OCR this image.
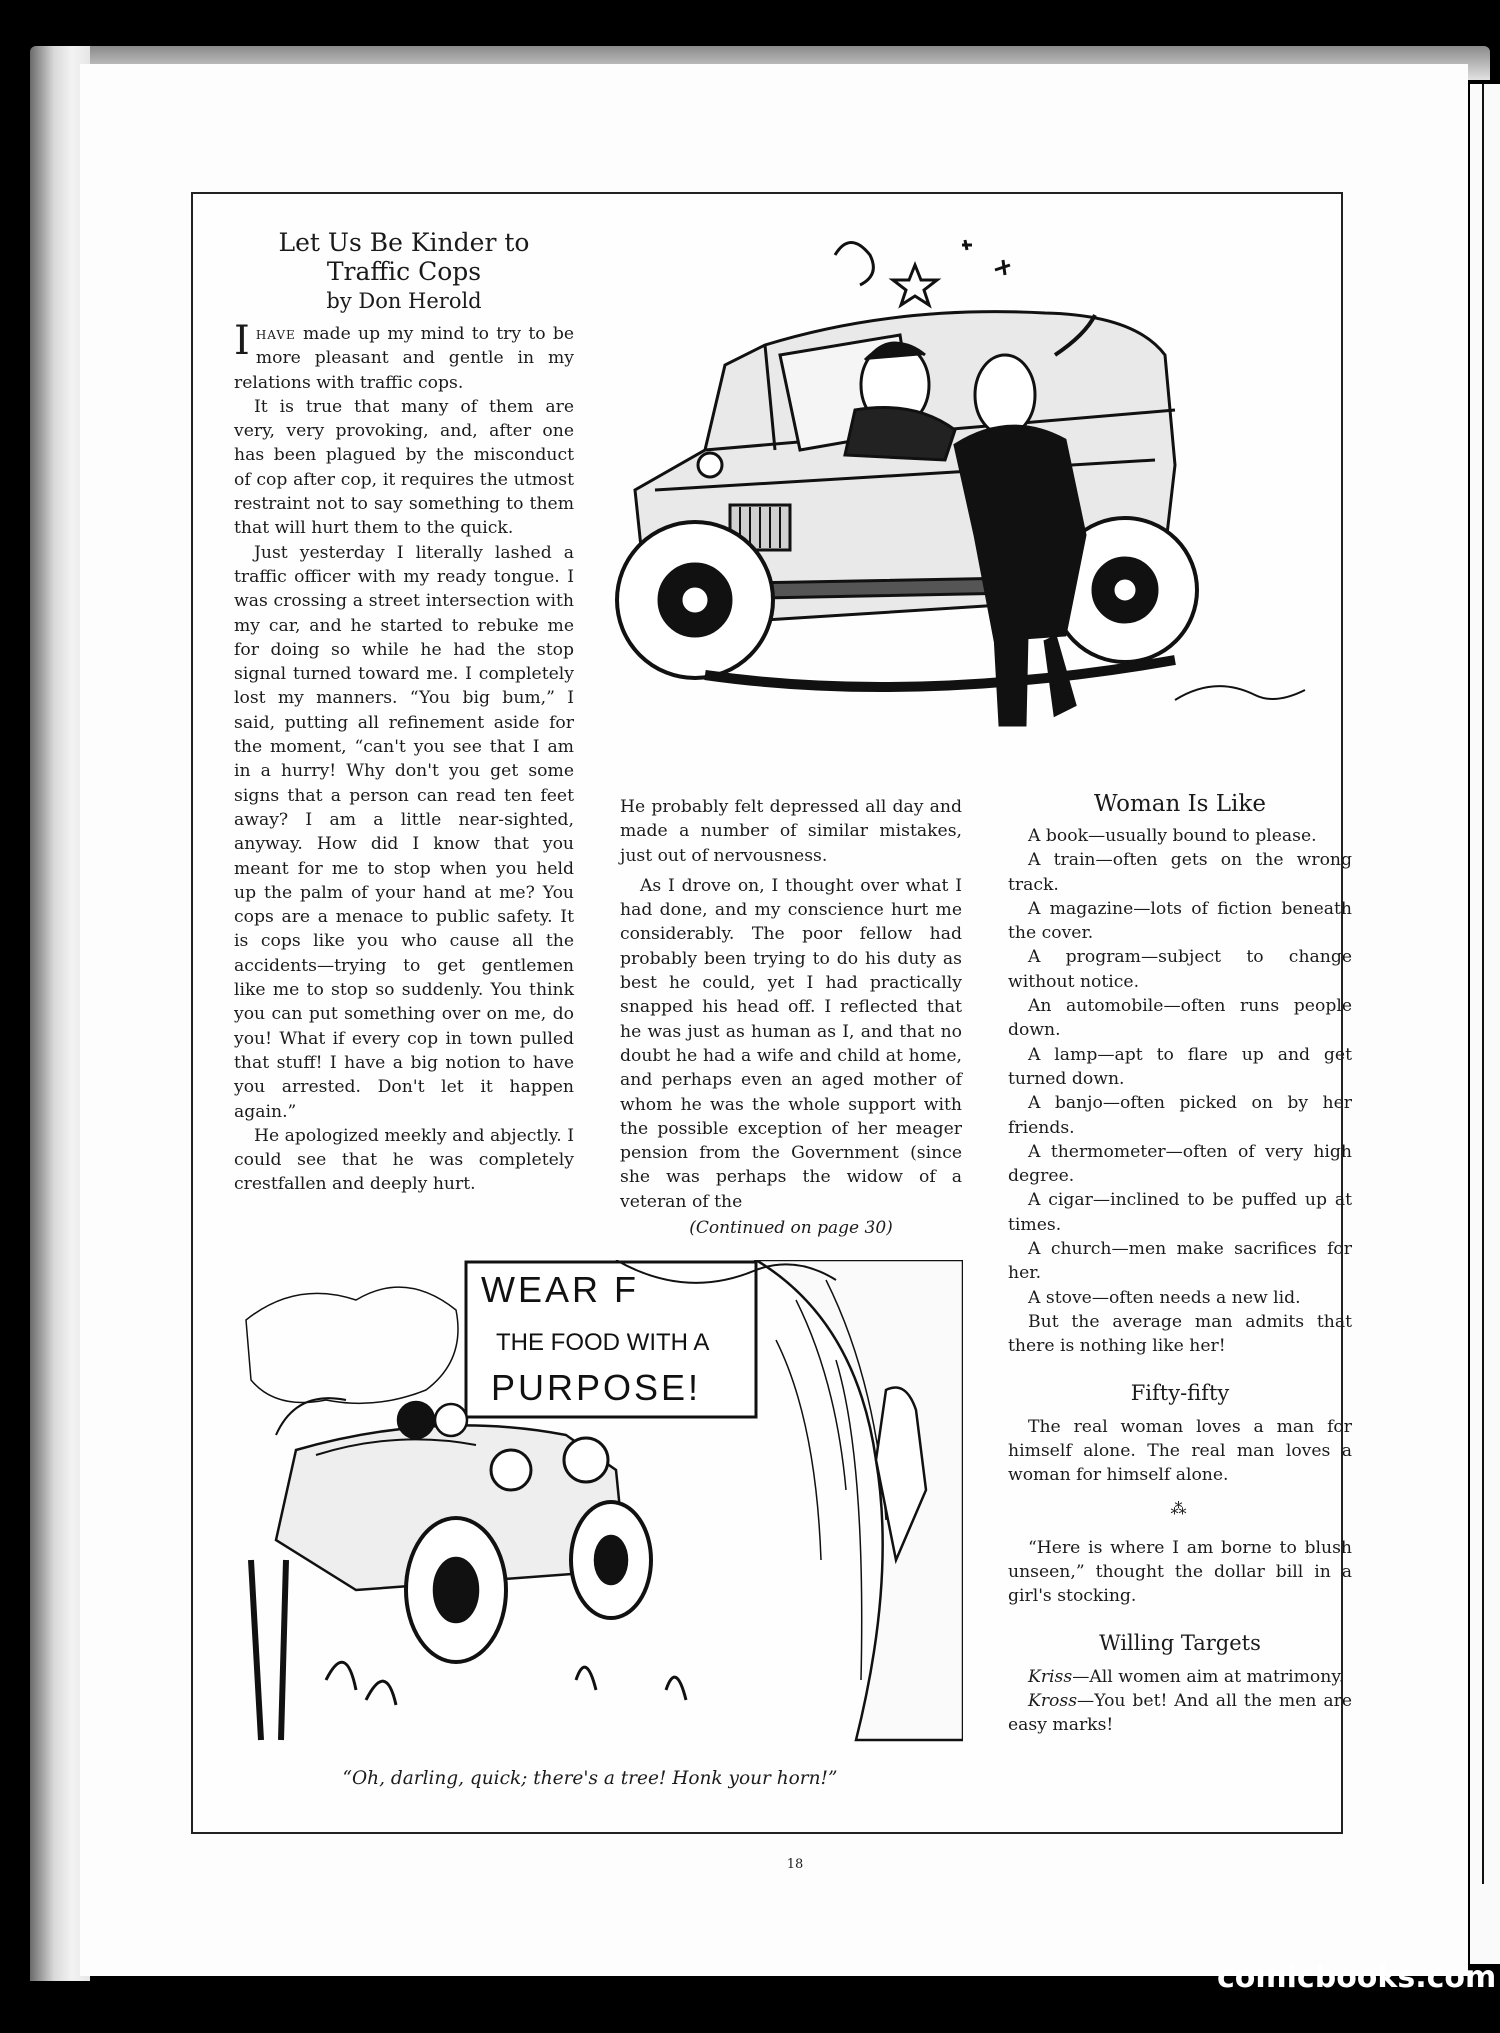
Let Us Be Kinder to
Traffic Cops
by Don Herold

Ihave made up my mind to try to be more pleasant and gentle in my relations with traffic cops.

It is true that many of them are very, very provoking, and, after one has been plagued by the misconduct of cop after cop, it requires the utmost restraint not to say something to them that will hurt them to the quick.

Just yesterday I literally lashed a traffic officer with my ready tongue. I was crossing a street intersection with my car, and he started to rebuke me for doing so while he had the stop signal turned toward me. I completely lost my manners. “You big bum,” I said, putting all refinement aside for the moment, “can't you see that I am in a hurry! Why don't you get some signs that a person can read ten feet away? I am a little near-sighted, anyway. How did I know that you meant for me to stop when you held up the palm of your hand at me? You cops are a menace to public safety. It is cops like you who cause all the accidents—trying to get gentlemen like me to stop so suddenly. You think you can put something over on me, do you! What if every cop in town pulled that stuff! I have a big notion to have you arrested. Don't let it happen again.”

He apologized meekly and abjectly. I could see that he was completely crestfallen and deeply hurt.

He probably felt depressed all day and made a number of similar mistakes, just out of nervousness.

As I drove on, I thought over what I had done, and my conscience hurt me considerably. The poor fellow had probably been trying to do his duty as best he could, yet I had practically snapped his head off. I reflected that he was just as human as I, and that no doubt he had a wife and child at home, and perhaps even an aged mother of whom he was the whole support with the possible exception of her meager pension from the Government (since she was perhaps the widow of a veteran of the

(Continued on page 30)
Woman Is Like

A book—usually bound to please.

A train—often gets on the wrong track.

A magazine—lots of fiction beneath the cover.

A program—subject to change without notice.

An automobile—often runs people down.

A lamp—apt to flare up and get turned down.

A banjo—often picked on by her friends.

A thermometer—often of very high degree.

A cigar—inclined to be puffed up at times.

A church—men make sacrifices for her.

A stove—often needs a new lid.

But the average man admits that there is nothing like her!

Fifty-fifty

The real woman loves a man for himself alone. The real man loves a woman for himself alone.

⁂

“Here is where I am borne to blush unseen,” thought the dollar bill in a girl's stocking.

Willing Targets

Kriss—All women aim at matrimony.

Kross—You bet! And all the men are easy marks!

WEAR F
THE FOOD WITH A
PURPOSE!
“Oh, darling, quick; there's a tree! Honk your horn!”
18
comicbooks.com
